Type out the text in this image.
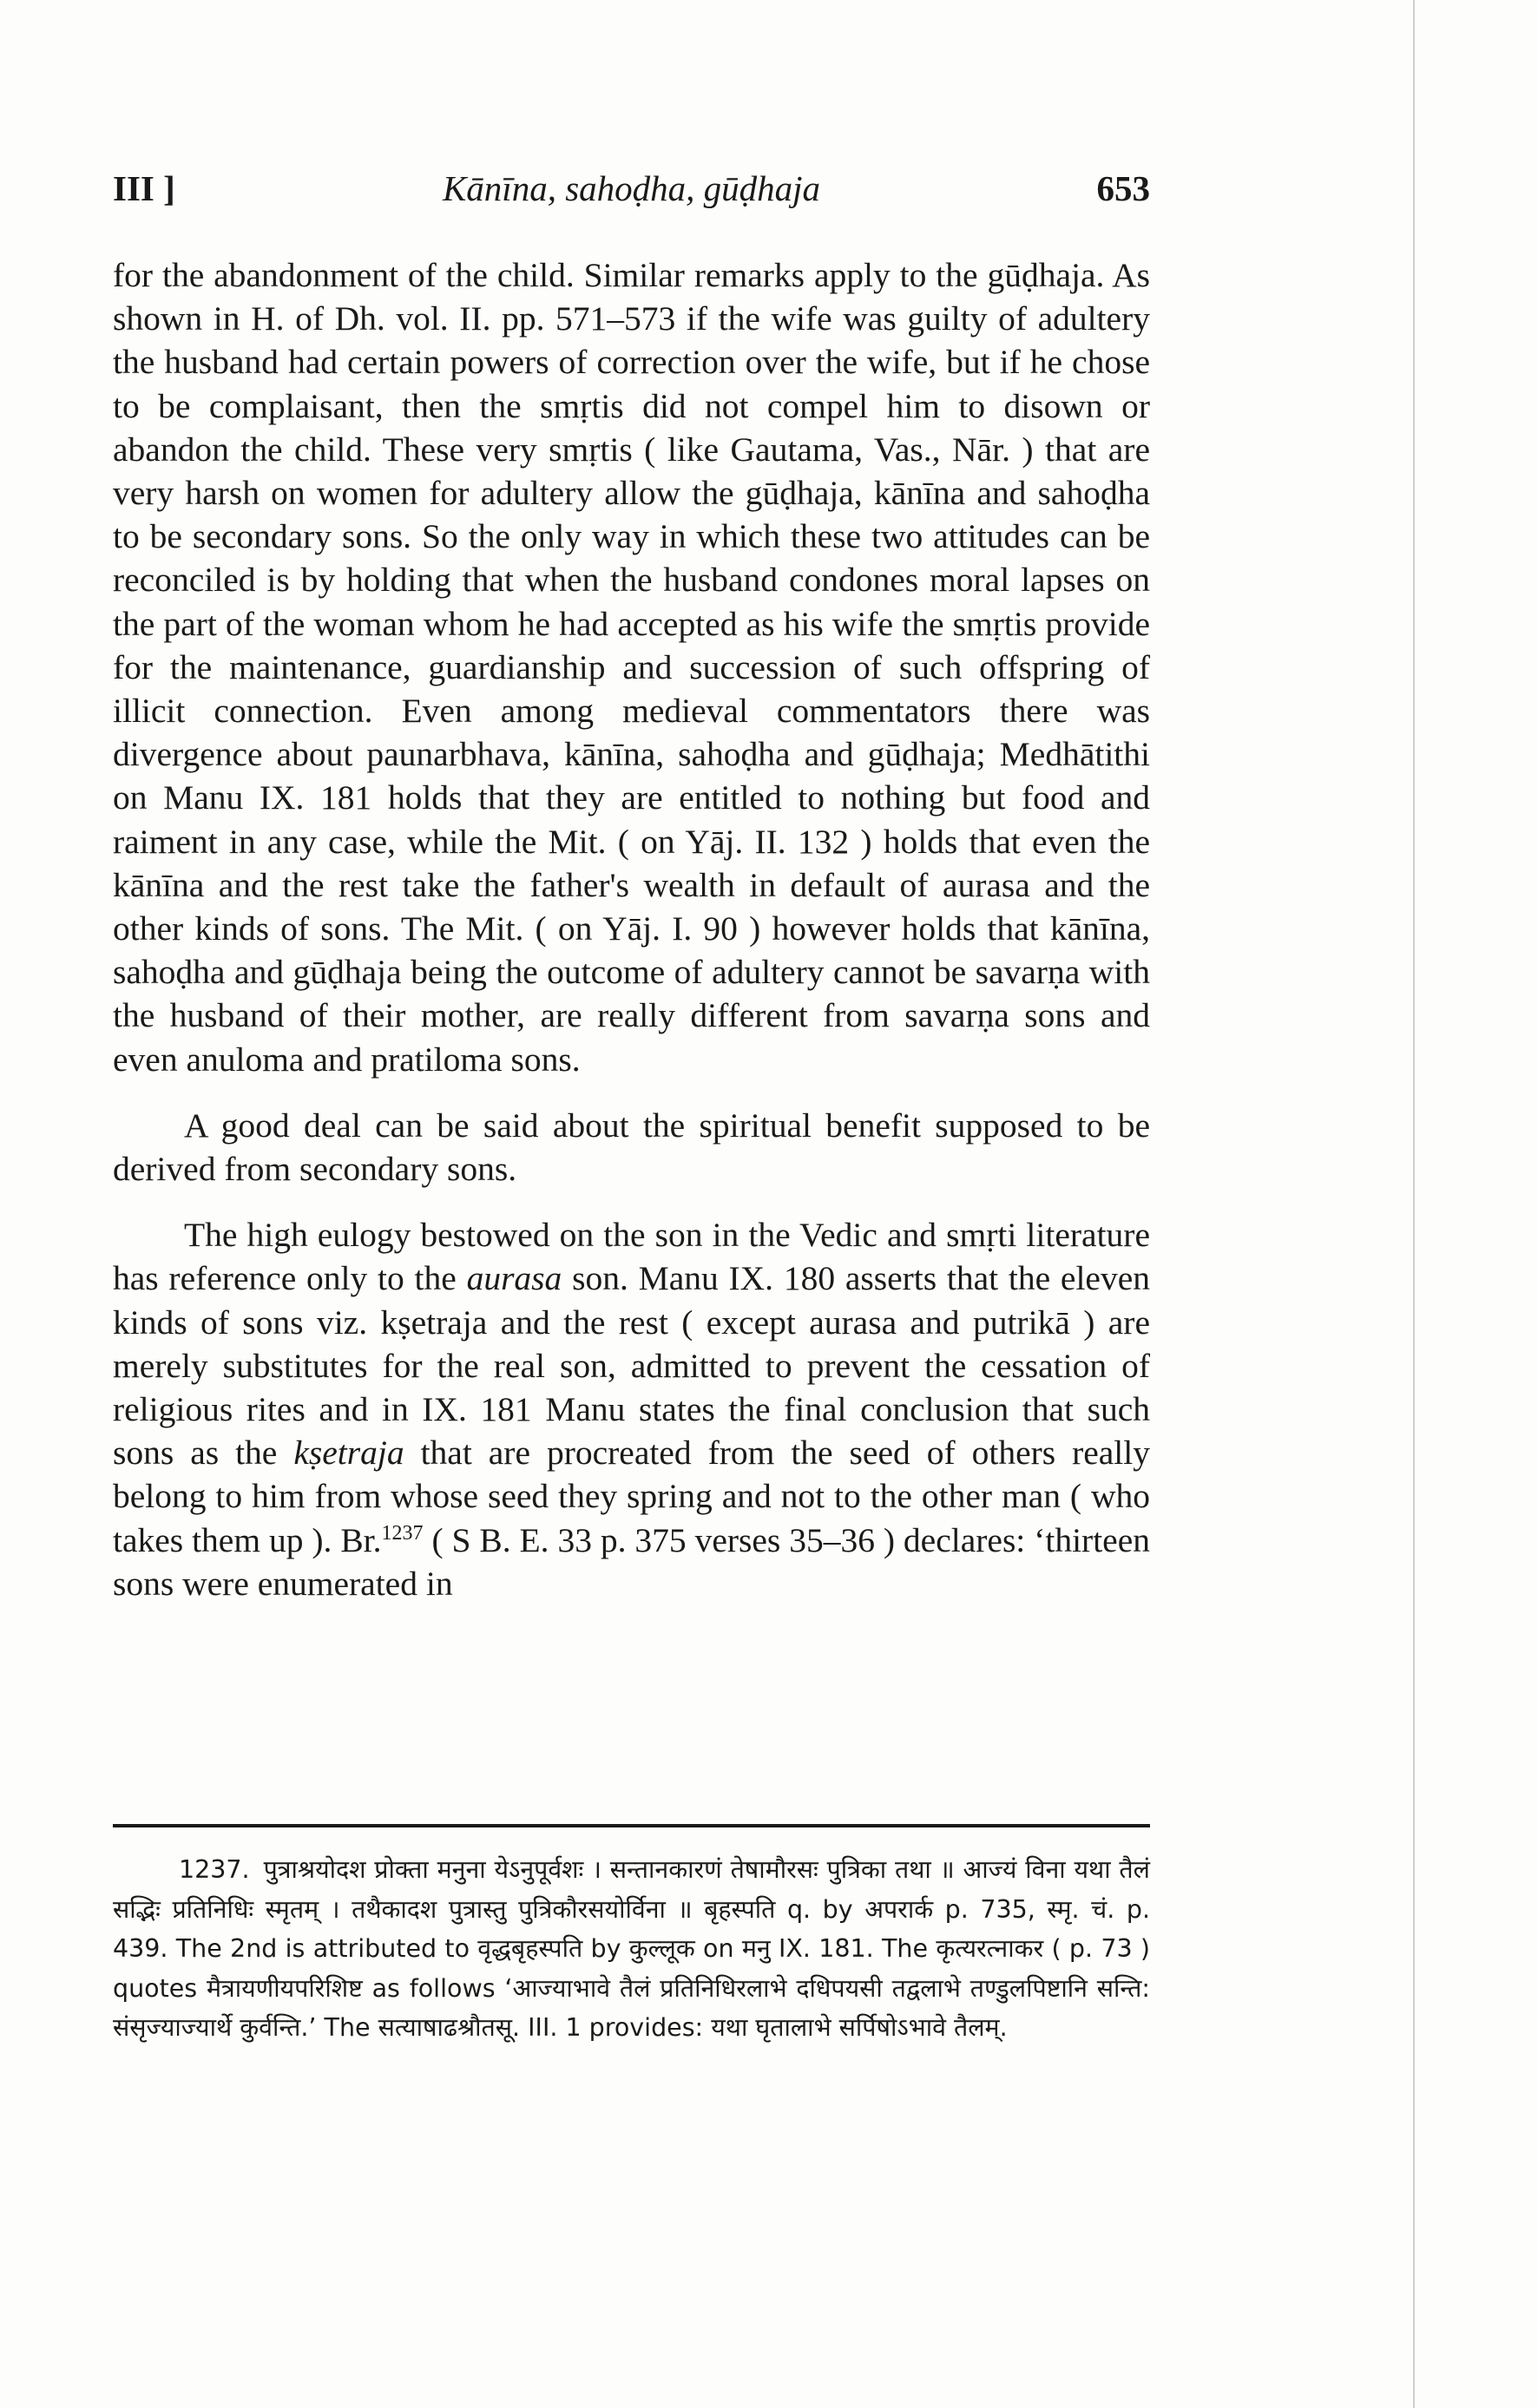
III ]	Kānīna, sahoḍha, gūḍhaja	653

for the abandonment of the child. Similar remarks apply to the gūḍhaja. As shown in H. of Dh. vol. II. pp. 571–573 if the wife was guilty of adultery the husband had certain powers of correction over the wife, but if he chose to be complaisant, then the smṛtis did not compel him to disown or abandon the child. These very smṛtis ( like Gautama, Vas., Nār. ) that are very harsh on women for adultery allow the gūḍhaja, kānīna and sahoḍha to be secondary sons. So the only way in which these two attitudes can be reconciled is by holding that when the husband condones moral lapses on the part of the woman whom he had accepted as his wife the smṛtis provide for the maintenance, guardianship and succession of such offspring of illicit connection. Even among medieval commentators there was divergence about paunarbhava, kānīna, sahoḍha and gūḍhaja; Medhātithi on Manu IX. 181 holds that they are entitled to nothing but food and raiment in any case, while the Mit. ( on Yāj. II. 132 ) holds that even the kānīna and the rest take the father's wealth in default of aurasa and the other kinds of sons. The Mit. ( on Yāj. I. 90 ) however holds that kānīna, sahoḍha and gūḍhaja being the outcome of adultery cannot be savarṇa with the husband of their mother, are really different from savarṇa sons and even anuloma and pratiloma sons.

A good deal can be said about the spiritual benefit supposed to be derived from secondary sons.

The high eulogy bestowed on the son in the Vedic and smṛti literature has reference only to the aurasa son. Manu IX. 180 asserts that the eleven kinds of sons viz. kṣetraja and the rest ( except aurasa and putrikā ) are merely substitutes for the real son, admitted to prevent the cessation of religious rites and in IX. 181 Manu states the final conclusion that such sons as the kṣetraja that are procreated from the seed of others really belong to him from whose seed they spring and not to the other man ( who takes them up ). Br.$^{1237}$ ( S B. E. 33 p. 375 verses 35–36 ) declares: ‘thirteen sons were enumerated in

1237. पुत्राश्रयोदश प्रोक्ता मनुना येऽनुपूर्वशः । सन्तानकारणं तेषामौरसः पुत्रिका तथा ॥ आज्यं विना यथा तैलं सद्भिः प्रतिनिधिः स्मृतम् । तथैकादश पुत्रास्तु पुत्रिकौरसयोर्विना ॥ बृहस्पति q. by अपरार्क p. 735, स्मृ. चं. p. 439. The 2nd is attributed to वृद्धबृहस्पति by कुल्लूक on मनु IX. 181. The कृत्यरत्नाकर ( p. 73 ) quotes मैत्रायणीयपरिशिष्ट as follows ‘आज्याभावे तैलं प्रतिनिधिरलाभे दधिपयसी तद्वलाभे तण्डुलपिष्टानि सन्ति: संसृज्याज्यार्थे कुर्वन्ति.’ The सत्याषाढश्रौतसू. III. 1 provides: यथा घृतालाभे सर्पिषोऽभावे तैलम्.
